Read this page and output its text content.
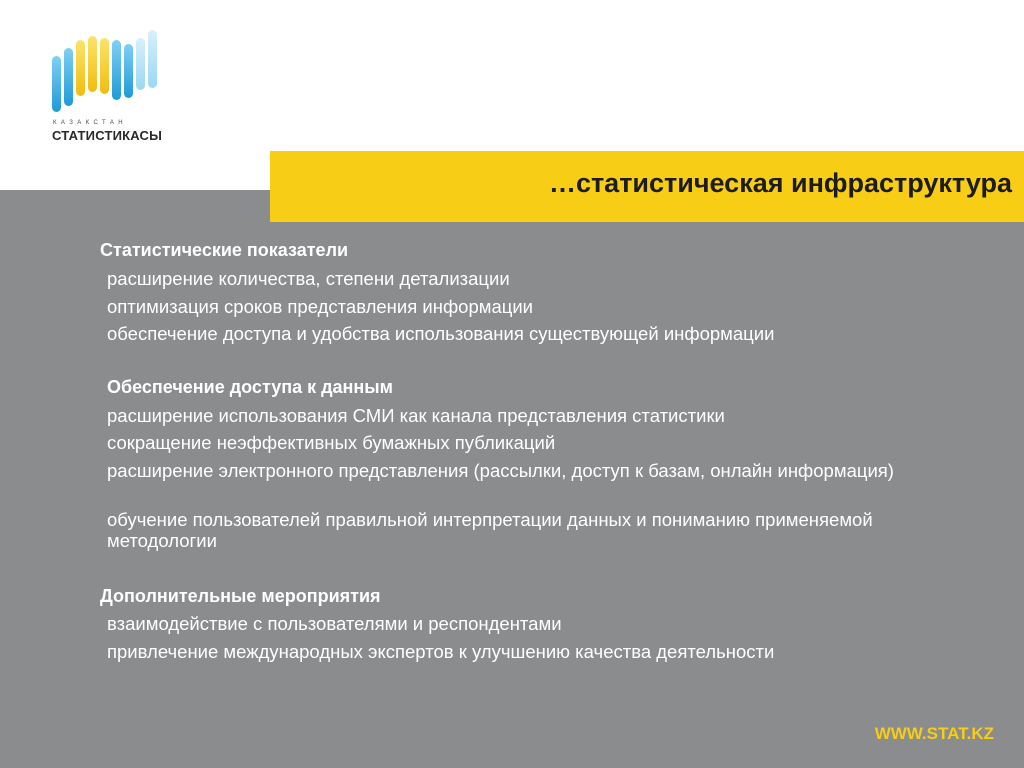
КАЗАКСТАН
СТАТИСТИКАСЫ
…статистическая инфраструктура
Статистические показатели
расширение количества, степени детализации
оптимизация сроков представления информации
обеспечение доступа и удобства использования существующей информации
Обеспечение доступа к данным
расширение использования СМИ как канала представления статистики
сокращение неэффективных бумажных публикаций
расширение электронного представления (рассылки, доступ к базам, онлайн информация)
обучение пользователей правильной интерпретации данных и пониманию применяемой методологии
Дополнительные мероприятия
взаимодействие с пользователями и респондентами
привлечение международных экспертов к улучшению качества деятельности
WWW.STAT.KZ
